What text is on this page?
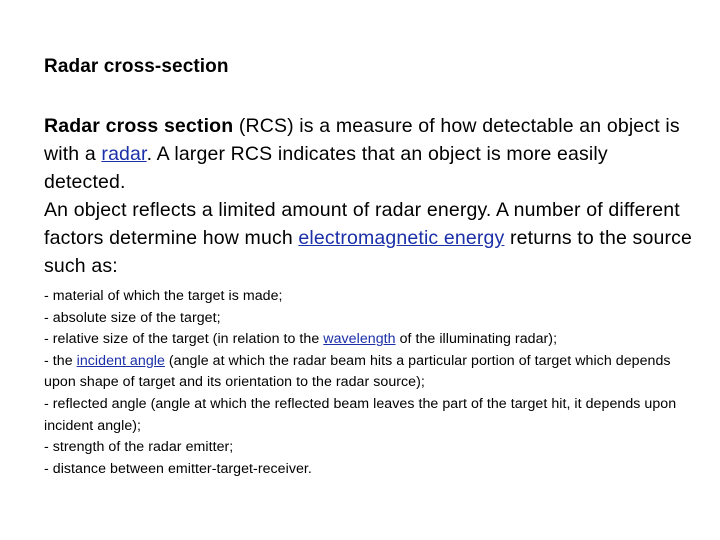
Radar cross-section
Radar cross section (RCS) is a measure of how detectable an object is with a radar. A larger RCS indicates that an object is more easily detected.
An object reflects a limited amount of radar energy. A number of different factors determine how much electromagnetic energy returns to the source such as:
- material of which the target is made;
- absolute size of the target;
- relative size of the target (in relation to the wavelength of the illuminating radar);
- the incident angle (angle at which the radar beam hits a particular portion of target which depends upon shape of target and its orientation to the radar source);
- reflected angle (angle at which the reflected beam leaves the part of the target hit, it depends upon incident angle);
- strength of the radar emitter;
- distance between emitter-target-receiver.
